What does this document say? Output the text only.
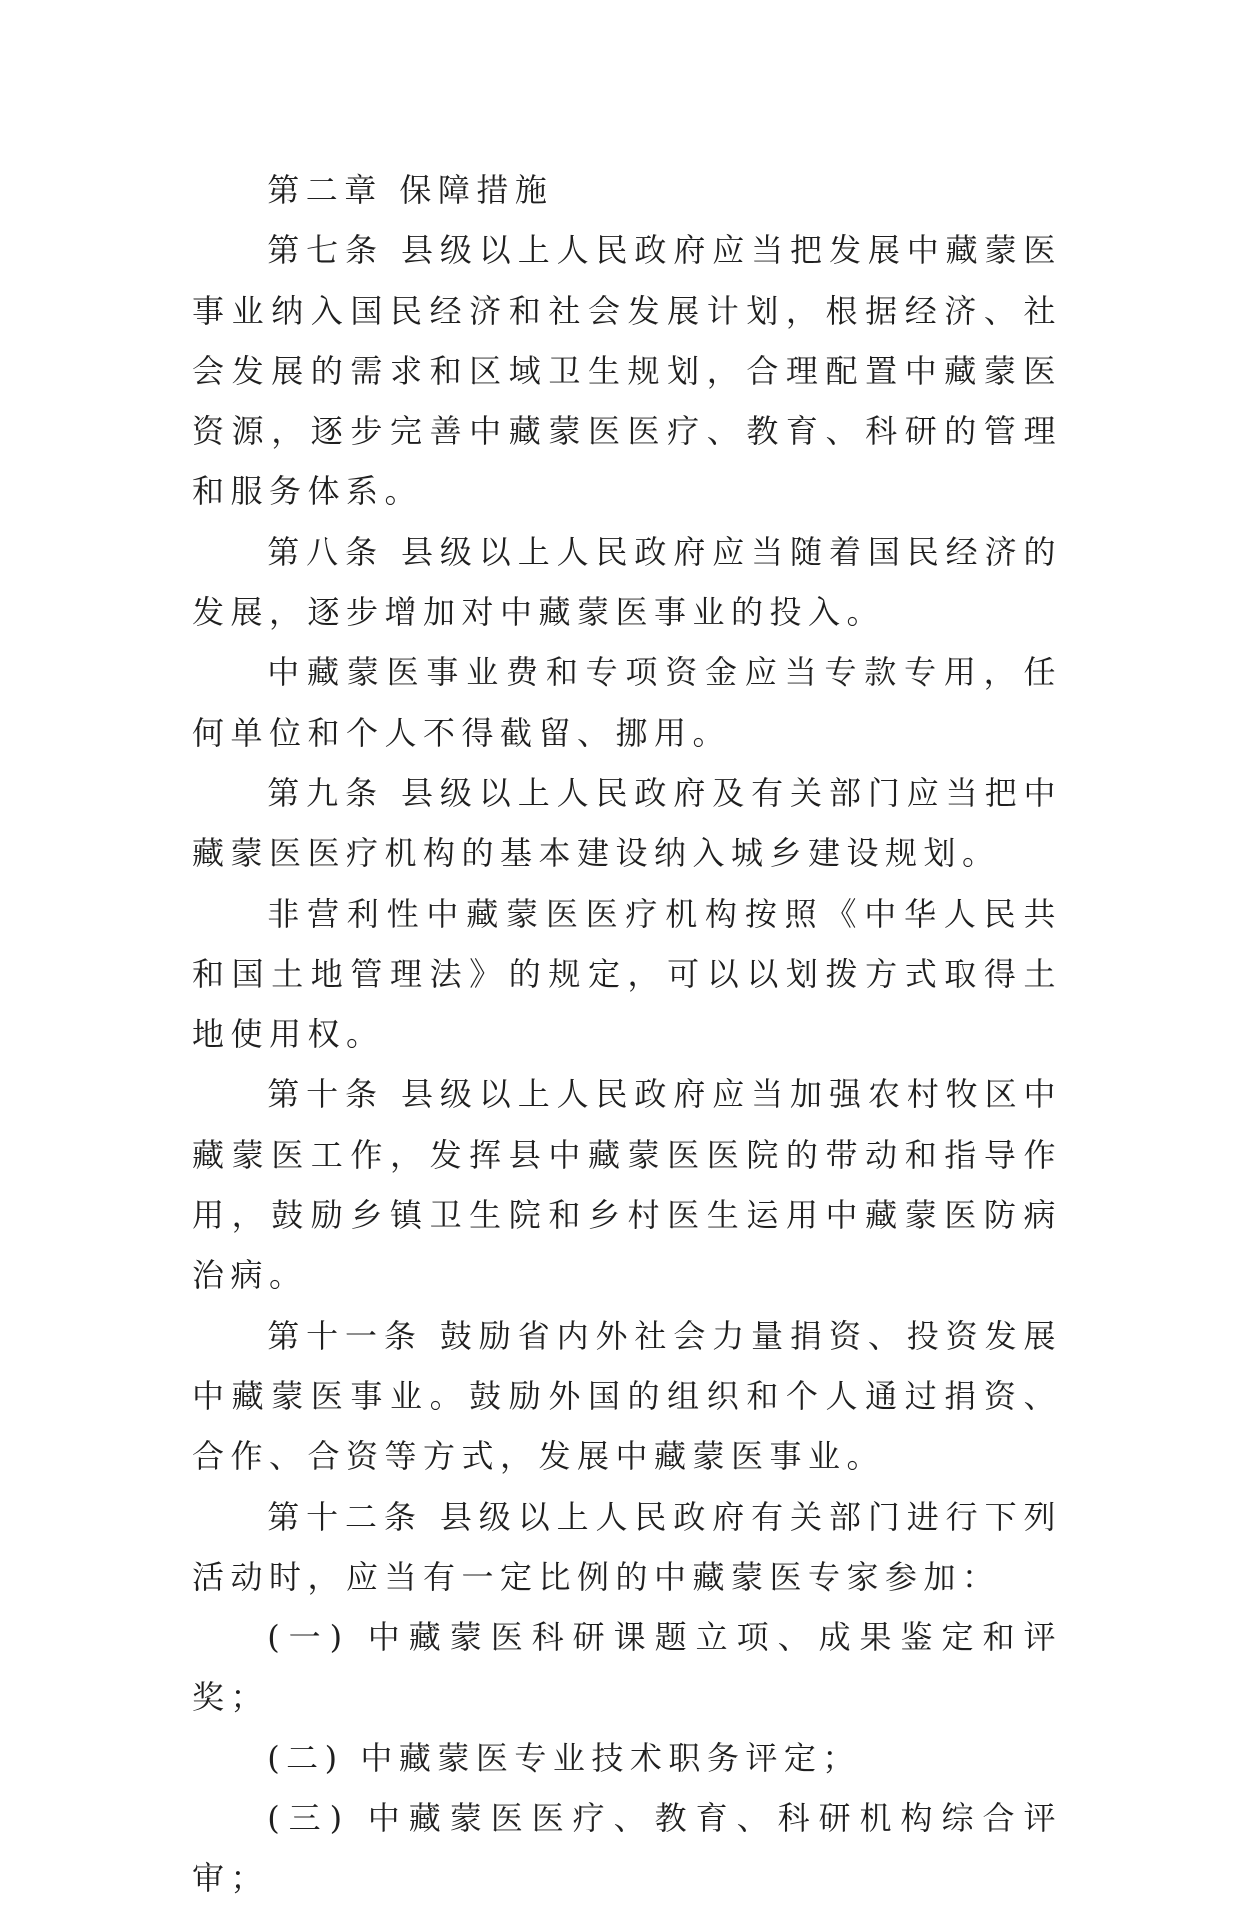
第二章 保障措施

第七条 县级以上人民政府应当把发展中藏蒙医事业纳入国民经济和社会发展计划，根据经济、社会发展的需求和区域卫生规划，合理配置中藏蒙医资源，逐步完善中藏蒙医医疗、教育、科研的管理和服务体系。

第八条 县级以上人民政府应当随着国民经济的发展，逐步增加对中藏蒙医事业的投入。

中藏蒙医事业费和专项资金应当专款专用，任何单位和个人不得截留、挪用。

第九条 县级以上人民政府及有关部门应当把中藏蒙医医疗机构的基本建设纳入城乡建设规划。

非营利性中藏蒙医医疗机构按照《中华人民共和国土地管理法》的规定，可以以划拨方式取得土地使用权。

第十条 县级以上人民政府应当加强农村牧区中藏蒙医工作，发挥县中藏蒙医医院的带动和指导作用，鼓励乡镇卫生院和乡村医生运用中藏蒙医防病治病。

第十一条 鼓励省内外社会力量捐资、投资发展中藏蒙医事业。鼓励外国的组织和个人通过捐资、合作、合资等方式，发展中藏蒙医事业。

第十二条 县级以上人民政府有关部门进行下列活动时，应当有一定比例的中藏蒙医专家参加：

(一) 中藏蒙医科研课题立项、成果鉴定和评奖；

(二) 中藏蒙医专业技术职务评定；

(三) 中藏蒙医医疗、教育、科研机构综合评审；
